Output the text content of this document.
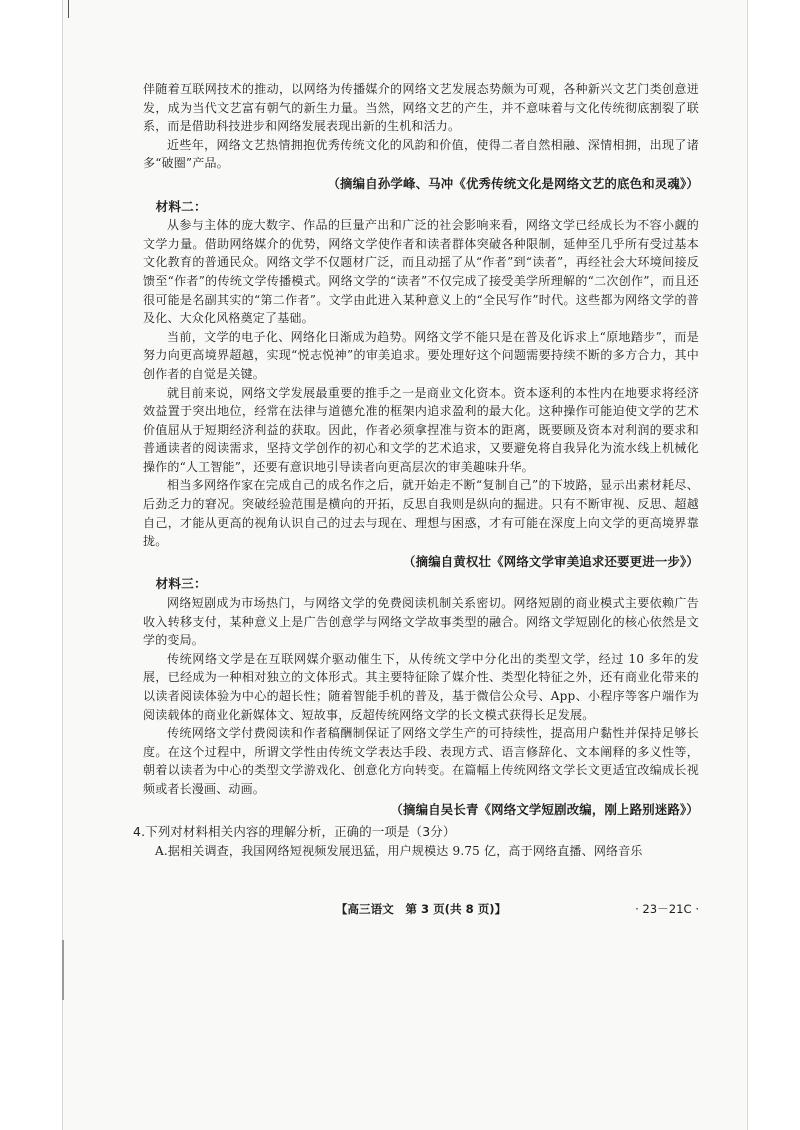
伴随着互联网技术的推动，以网络为传播媒介的网络文艺发展态势颇为可观，各种新兴文艺门类创意迸发，成为当代文艺富有朝气的新生力量。当然，网络文艺的产生，并不意味着与文化传统彻底割裂了联系，而是借助科技进步和网络发展表现出新的生机和活力。

近些年，网络文艺热情拥抱优秀传统文化的风韵和价值，使得二者自然相融、深情相拥，出现了诸多“破圈”产品。

（摘编自孙学峰、马冲《优秀传统文化是网络文艺的底色和灵魂》）

材料二：

从参与主体的庞大数字、作品的巨量产出和广泛的社会影响来看，网络文学已经成长为不容小觑的文学力量。借助网络媒介的优势，网络文学使作者和读者群体突破各种限制，延伸至几乎所有受过基本文化教育的普通民众。网络文学不仅题材广泛，而且动摇了从“作者”到“读者”，再经社会大环境间接反馈至“作者”的传统文学传播模式。网络文学的“读者”不仅完成了接受美学所理解的“二次创作”，而且还很可能是名副其实的“第二作者”。文学由此进入某种意义上的“全民写作”时代。这些都为网络文学的普及化、大众化风格奠定了基础。

当前，文学的电子化、网络化日渐成为趋势。网络文学不能只是在普及化诉求上“原地踏步”，而是努力向更高境界超越，实现“悦志悦神”的审美追求。要处理好这个问题需要持续不断的多方合力，其中创作者的自觉是关键。

就目前来说，网络文学发展最重要的推手之一是商业文化资本。资本逐利的本性内在地要求将经济效益置于突出地位，经常在法律与道德允准的框架内追求盈利的最大化。这种操作可能迫使文学的艺术价值屈从于短期经济利益的获取。因此，作者必须拿捏准与资本的距离，既要顾及资本对利润的要求和普通读者的阅读需求，坚持文学创作的初心和文学的艺术追求，又要避免将自我异化为流水线上机械化操作的“人工智能”，还要有意识地引导读者向更高层次的审美趣味升华。

相当多网络作家在完成自己的成名作之后，就开始走不断“复制自己”的下坡路，显示出素材耗尽、后劲乏力的窘况。突破经验范围是横向的开拓，反思自我则是纵向的掘进。只有不断审视、反思、超越自己，才能从更高的视角认识自己的过去与现在、理想与困惑，才有可能在深度上向文学的更高境界靠拢。

（摘编自黄权壮《网络文学审美追求还要更进一步》）

材料三：

网络短剧成为市场热门，与网络文学的免费阅读机制关系密切。网络短剧的商业模式主要依赖广告收入转移支付，某种意义上是广告创意学与网络文学故事类型的融合。网络文学短剧化的核心依然是文学的变局。

传统网络文学是在互联网媒介驱动催生下，从传统文学中分化出的类型文学，经过 10 多年的发展，已经成为一种相对独立的文体形式。其主要特征除了媒介性、类型化特征之外，还有商业化带来的以读者阅读体验为中心的超长性；随着智能手机的普及，基于微信公众号、App、小程序等客户端作为阅读载体的商业化新媒体文、短故事，反超传统网络文学的长文模式获得长足发展。

传统网络文学付费阅读和作者稿酬制保证了网络文学生产的可持续性，提高用户黏性并保持足够长度。在这个过程中，所谓文学性由传统文学表达手段、表现方式、语言修辞化、文本阐释的多义性等，朝着以读者为中心的类型文学游戏化、创意化方向转变。在篇幅上传统网络文学长文更适宜改编成长视频或者长漫画、动画。

（摘编自吴长青《网络文学短剧改编，刚上路别迷路》）

4.下列对材料相关内容的理解分析，正确的一项是（3分）

A.据相关调查，我国网络短视频发展迅猛，用户规模达 9.75 亿，高于网络直播、网络音乐

【高三语文　第 3 页(共 8 页)】	· 23－21C ·
